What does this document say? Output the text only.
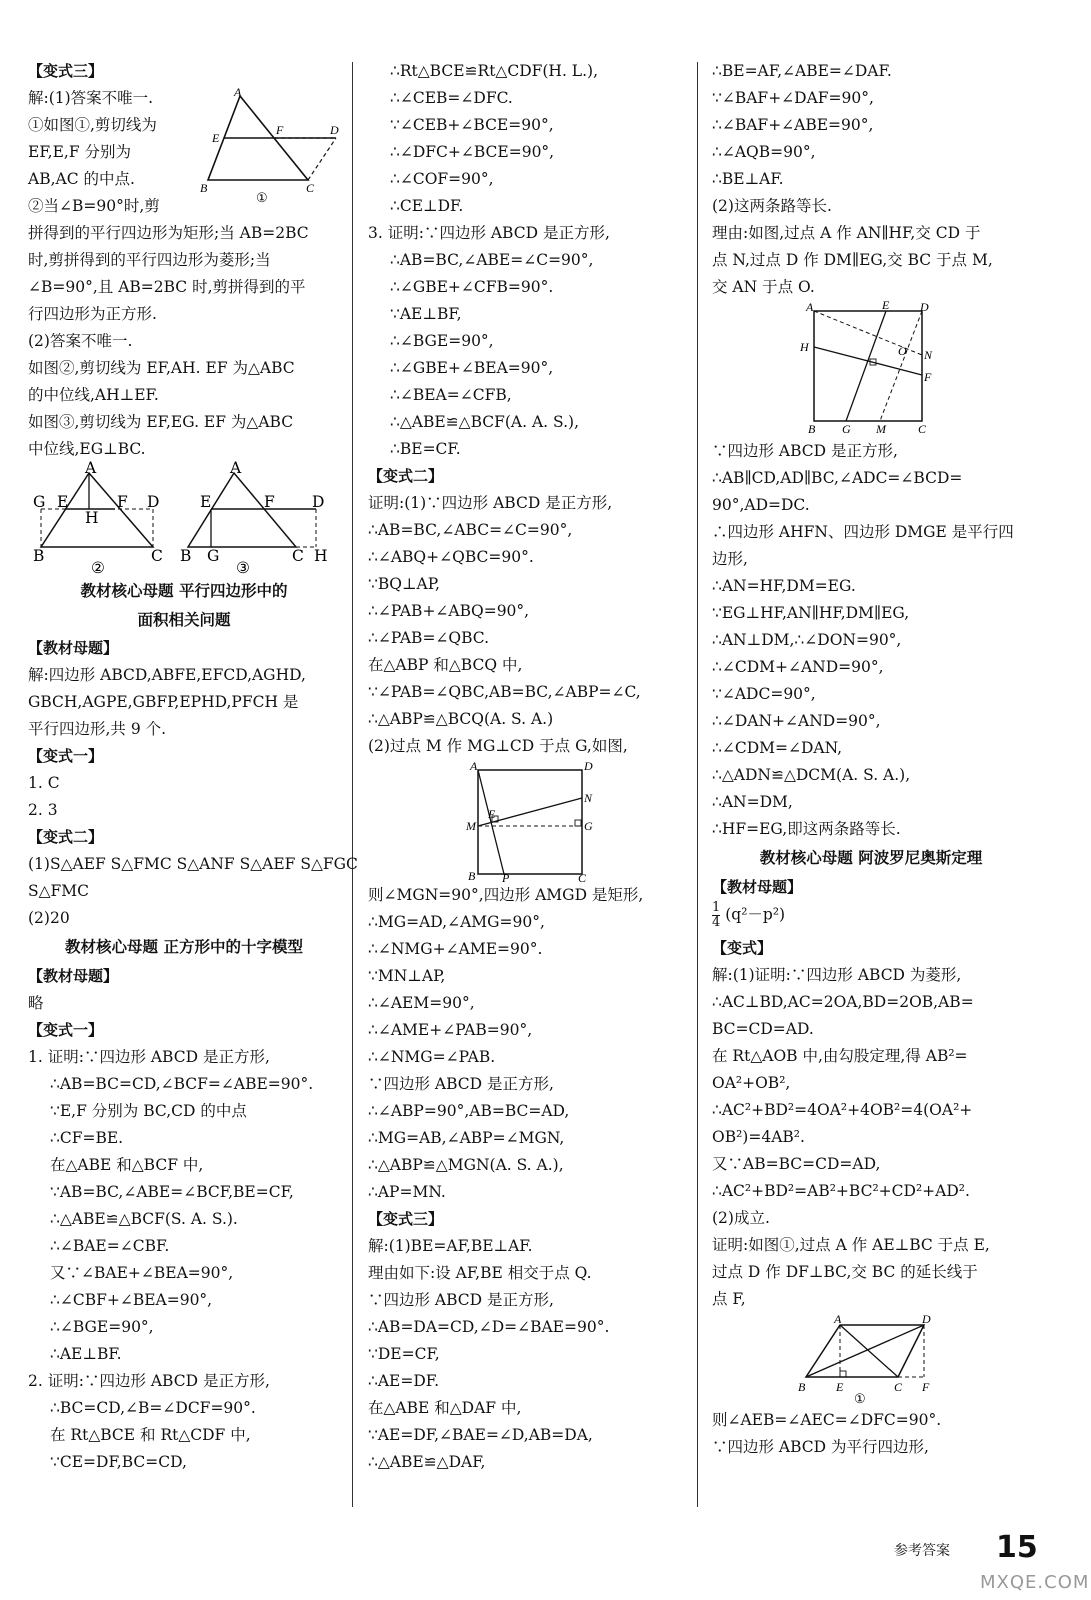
【变式三】
解:(1)答案不唯一.
①如图①,剪切线为
EF,E,F 分别为
AB,AC 的中点.
②当∠B=90°时,剪
A
E
F	D
B	C
①
拼得到的平行四边形为矩形;当 AB=2BC
时,剪拼得到的平行四边形为菱形;当
∠B=90°,且 AB=2BC 时,剪拼得到的平
行四边形为正方形.
(2)答案不唯一.
如图②,剪切线为 EF,AH. EF 为△ABC
的中位线,AH⊥EF.
如图③,剪切线为 EF,EG. EF 为△ABC
中位线,EG⊥BC.
A
G E	F D
H
B	C
②
A
E	F D
B G	C H
③
教材核心母题 平行四边形中的
面积相关问题
【教材母题】
解:四边形 ABCD,ABFE,EFCD,AGHD,
GBCH,AGPE,GBFP,EPHD,PFCH 是
平行四边形,共 9 个.
【变式一】
1. C
2. 3
【变式二】
(1)S△AEF S△FMC S△ANF S△AEF S△FGC
S△FMC
(2)20
教材核心母题 正方形中的十字模型
【教材母题】
略
【变式一】
1. 证明:∵四边形 ABCD 是正方形,
∴AB=BC=CD,∠BCF=∠ABE=90°.
∵E,F 分别为 BC,CD 的中点
∴CF=BE.
在△ABE 和△BCF 中,
∵AB=BC,∠ABE=∠BCF,BE=CF,
∴△ABE≌△BCF(S. A. S.).
∴∠BAE=∠CBF.
又∵∠BAE+∠BEA=90°,
∴∠CBF+∠BEA=90°,
∴∠BGE=90°,
∴AE⊥BF.
2. 证明:∵四边形 ABCD 是正方形,
∴BC=CD,∠B=∠DCF=90°.
在 Rt△BCE 和 Rt△CDF 中,
∵CE=DF,BC=CD,
∴Rt△BCE≌Rt△CDF(H. L.),
∴∠CEB=∠DFC.
∵∠CEB+∠BCE=90°,
∴∠DFC+∠BCE=90°,
∴∠COF=90°,
∴CE⊥DF.
3. 证明:∵四边形 ABCD 是正方形,
∴AB=BC,∠ABE=∠C=90°,
∴∠GBE+∠CFB=90°.
∵AE⊥BF,
∴∠BGE=90°,
∴∠GBE+∠BEA=90°,
∴∠BEA=∠CFB,
∴△ABE≌△BCF(A. A. S.),
∴BE=CF.
【变式二】
证明:(1)∵四边形 ABCD 是正方形,
∴AB=BC,∠ABC=∠C=90°,
∴∠ABQ+∠QBC=90°.
∵BQ⊥AP,
∴∠PAB+∠ABQ=90°,
∴∠PAB=∠QBC.
在△ABP 和△BCQ 中,
∵∠PAB=∠QBC,AB=BC,∠ABP=∠C,
∴△ABP≌△BCQ(A. S. A.)
(2)过点 M 作 MG⊥CD 于点 G,如图,
A	D
N
E
M	G
B P	C
则∠MGN=90°,四边形 AMGD 是矩形,
∴MG=AD,∠AMG=90°,
∴∠NMG+∠AME=90°.
∵MN⊥AP,
∴∠AEM=90°,
∴∠AME+∠PAB=90°,
∴∠NMG=∠PAB.
∵四边形 ABCD 是正方形,
∴∠ABP=90°,AB=BC=AD,
∴MG=AB,∠ABP=∠MGN,
∴△ABP≌△MGN(A. S. A.),
∴AP=MN.
【变式三】
解:(1)BE=AF,BE⊥AF.
理由如下:设 AF,BE 相交于点 Q.
∵四边形 ABCD 是正方形,
∴AB=DA=CD,∠D=∠BAE=90°.
∵DE=CF,
∴AE=DF.
在△ABE 和△DAF 中,
∵AE=DF,∠BAE=∠D,AB=DA,
∴△ABE≌△DAF,
∴BE=AF,∠ABE=∠DAF.
∵∠BAF+∠DAF=90°,
∴∠BAF+∠ABE=90°,
∴∠AQB=90°,
∴BE⊥AF.
(2)这两条路等长.
理由:如图,过点 A 作 AN∥HF,交 CD 于
点 N,过点 D 作 DM∥EG,交 BC 于点 M,
交 AN 于点 O.
A	E	D
H	O N
F
B G M	C
∵四边形 ABCD 是正方形,
∴AB∥CD,AD∥BC,∠ADC=∠BCD=
90°,AD=DC.
∴四边形 AHFN、四边形 DMGE 是平行四
边形,
∴AN=HF,DM=EG.
∵EG⊥HF,AN∥HF,DM∥EG,
∴AN⊥DM,∴∠DON=90°,
∴∠CDM+∠AND=90°,
∵∠ADC=90°,
∴∠DAN+∠AND=90°,
∴∠CDM=∠DAN,
∴△ADN≌△DCM(A. S. A.),
∴AN=DM,
∴HF=EG,即这两条路等长.
教材核心母题 阿波罗尼奥斯定理
【教材母题】
$\frac{1}{4} (q^2-p^2)$
【变式】
解:(1)证明:∵四边形 ABCD 为菱形,
∴AC⊥BD,AC=2OA,BD=2OB,AB=
BC=CD=AD.
在 Rt△AOB 中,由勾股定理,得 AB²=
OA²+OB²,
∴AC²+BD²=4OA²+4OB²=4(OA²+
OB²)=4AB².
又∵AB=BC=CD=AD,
∴AC²+BD²=AB²+BC²+CD²+AD².
(2)成立.
证明:如图①,过点 A 作 AE⊥BC 于点 E,
过点 D 作 DF⊥BC,交 BC 的延长线于
点 F,
A	D
B	E	C F
①
则∠AEB=∠AEC=∠DFC=90°.
∵四边形 ABCD 为平行四边形,
参考答案 15
MXQE.COM
